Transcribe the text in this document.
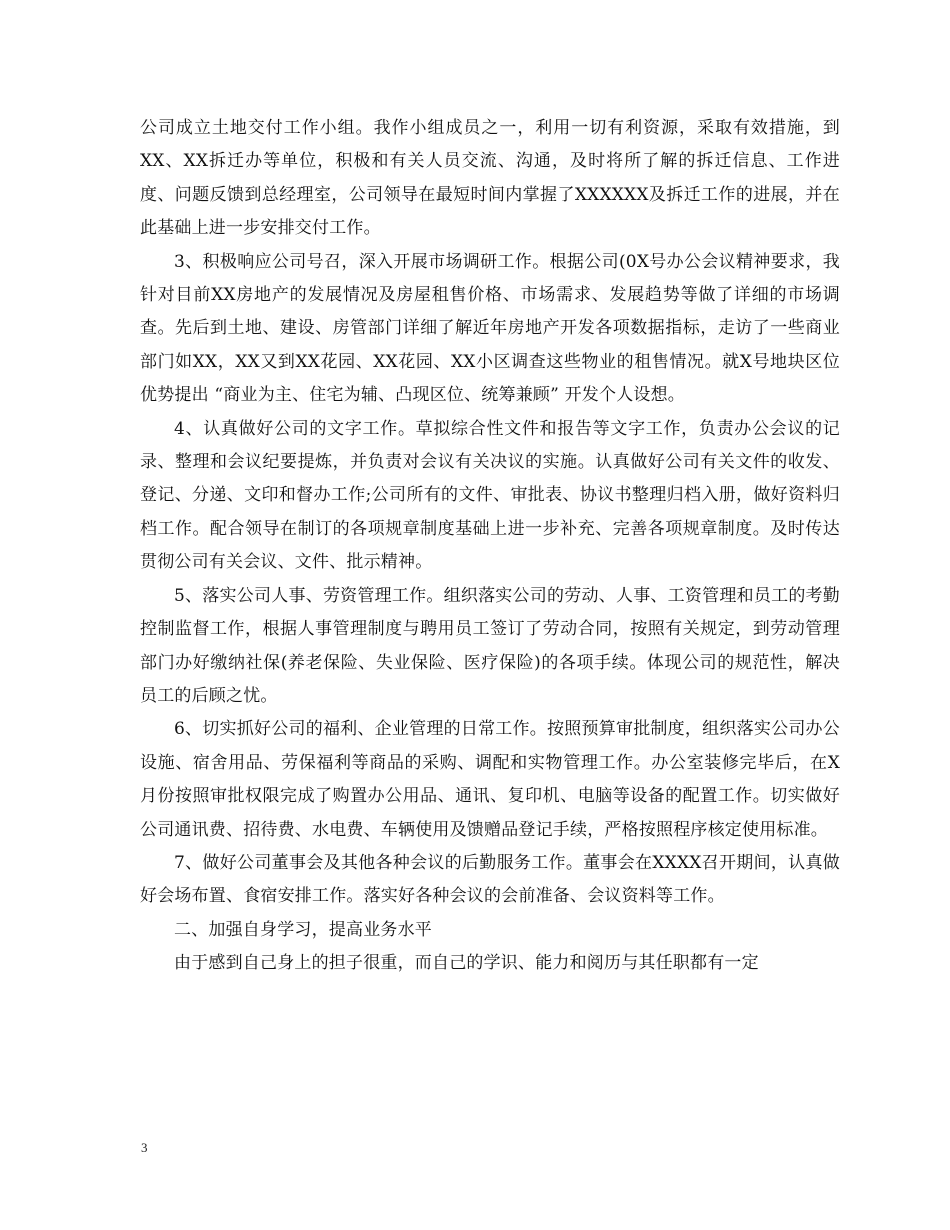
公司成立土地交付工作小组。我作小组成员之一，利用一切有利资源，采取有效措施，到XX、XX拆迁办等单位，积极和有关人员交流、沟通，及时将所了解的拆迁信息、工作进度、问题反馈到总经理室，公司领导在最短时间内掌握了XXXXXX及拆迁工作的进展，并在此基础上进一步安排交付工作。

3、积极响应公司号召，深入开展市场调研工作。根据公司(0X号办公会议精神要求，我针对目前XX房地产的发展情况及房屋租售价格、市场需求、发展趋势等做了详细的市场调查。先后到土地、建设、房管部门详细了解近年房地产开发各项数据指标，走访了一些商业部门如XX，XX又到XX花园、XX花园、XX小区调查这些物业的租售情况。就X号地块区位优势提出 “商业为主、住宅为辅、凸现区位、统筹兼顾” 开发个人设想。

4、认真做好公司的文字工作。草拟综合性文件和报告等文字工作，负责办公会议的记录、整理和会议纪要提炼，并负责对会议有关决议的实施。认真做好公司有关文件的收发、登记、分递、文印和督办工作;公司所有的文件、审批表、协议书整理归档入册，做好资料归档工作。配合领导在制订的各项规章制度基础上进一步补充、完善各项规章制度。及时传达贯彻公司有关会议、文件、批示精神。

5、落实公司人事、劳资管理工作。组织落实公司的劳动、人事、工资管理和员工的考勤控制监督工作，根据人事管理制度与聘用员工签订了劳动合同，按照有关规定，到劳动管理部门办好缴纳社保(养老保险、失业保险、医疗保险)的各项手续。体现公司的规范性，解决员工的后顾之忧。

6、切实抓好公司的福利、企业管理的日常工作。按照预算审批制度，组织落实公司办公设施、宿舍用品、劳保福利等商品的采购、调配和实物管理工作。办公室装修完毕后，在X月份按照审批权限完成了购置办公用品、通讯、复印机、电脑等设备的配置工作。切实做好公司通讯费、招待费、水电费、车辆使用及馈赠品登记手续，严格按照程序核定使用标准。

7、做好公司董事会及其他各种会议的后勤服务工作。董事会在XXXX召开期间，认真做好会场布置、食宿安排工作。落实好各种会议的会前准备、会议资料等工作。

二、加强自身学习，提高业务水平

由于感到自己身上的担子很重，而自己的学识、能力和阅历与其任职都有一定

3
